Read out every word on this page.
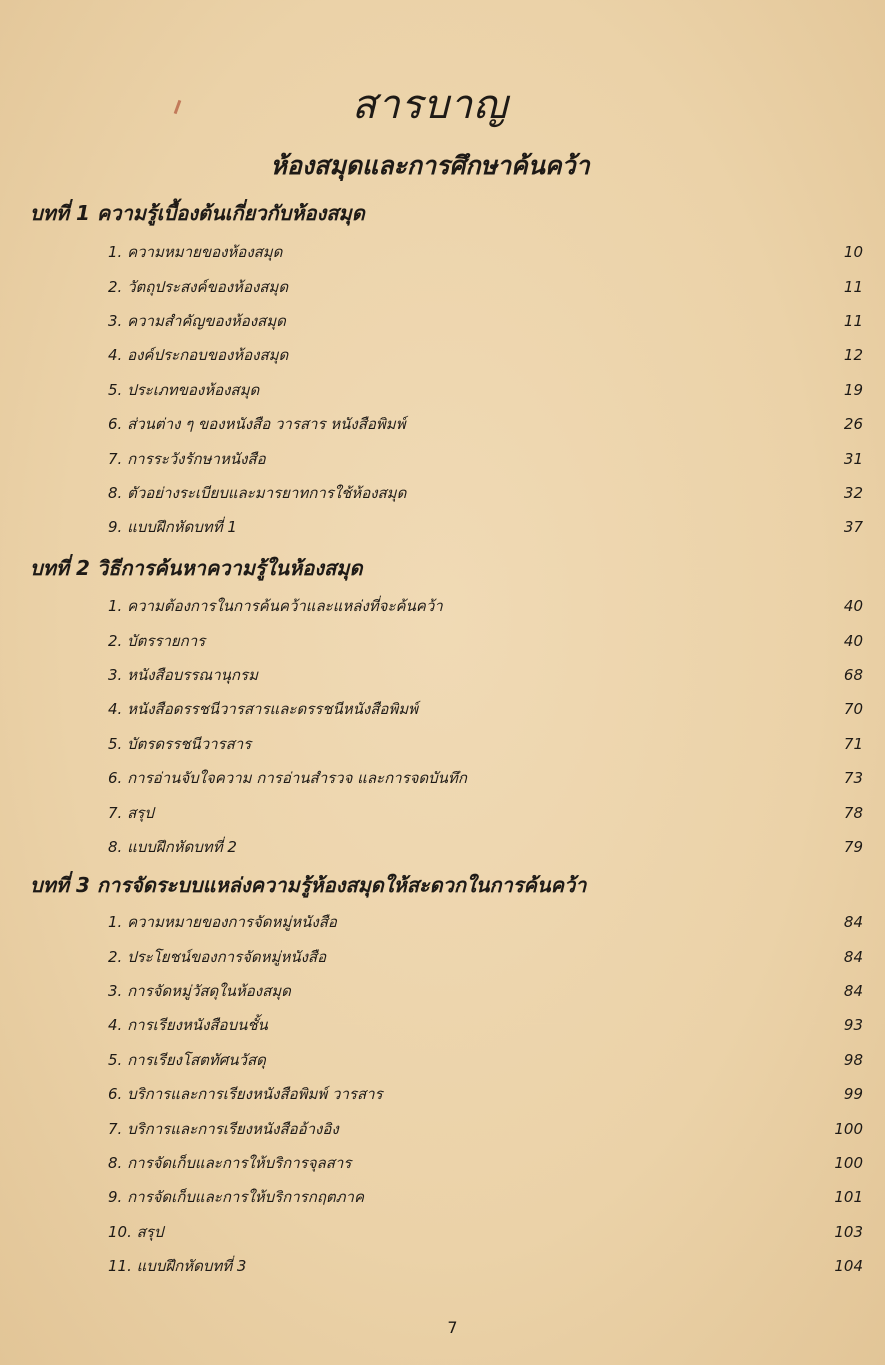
สารบาญ
ห้องสมุดและการศึกษาค้นคว้า
บทที่ 1 ความรู้เบื้องต้นเกี่ยวกับห้องสมุด
1. ความหมายของห้องสมุด	10
2. วัตถุประสงค์ของห้องสมุด	11
3. ความสำคัญของห้องสมุด	11
4. องค์ประกอบของห้องสมุด	12
5. ประเภทของห้องสมุด	19
6. ส่วนต่าง ๆ ของหนังสือ วารสาร หนังสือพิมพ์	26
7. การระวังรักษาหนังสือ	31
8. ตัวอย่างระเบียบและมารยาทการใช้ห้องสมุด	32
9. แบบฝึกหัดบทที่ 1	37
บทที่ 2 วิธีการค้นหาความรู้ในห้องสมุด
1. ความต้องการในการค้นคว้าและแหล่งที่จะค้นคว้า	40
2. บัตรรายการ	40
3. หนังสือบรรณานุกรม	68
4. หนังสือดรรชนีวารสารและดรรชนีหนังสือพิมพ์	70
5. บัตรดรรชนีวารสาร	71
6. การอ่านจับใจความ การอ่านสำรวจ และการจดบันทึก	73
7. สรุป	78
8. แบบฝึกหัดบทที่ 2	79
บทที่ 3 การจัดระบบแหล่งความรู้ห้องสมุดให้สะดวกในการค้นคว้า
1. ความหมายของการจัดหมู่หนังสือ	84
2. ประโยชน์ของการจัดหมู่หนังสือ	84
3. การจัดหมู่วัสดุในห้องสมุด	84
4. การเรียงหนังสือบนชั้น	93
5. การเรียงโสตทัศนวัสดุ	98
6. บริการและการเรียงหนังสือพิมพ์ วารสาร	99
7. บริการและการเรียงหนังสืออ้างอิง	100
8. การจัดเก็บและการให้บริการจุลสาร	100
9. การจัดเก็บและการให้บริการกฤตภาค	101
10. สรุป	103
11. แบบฝึกหัดบทที่ 3	104
7
